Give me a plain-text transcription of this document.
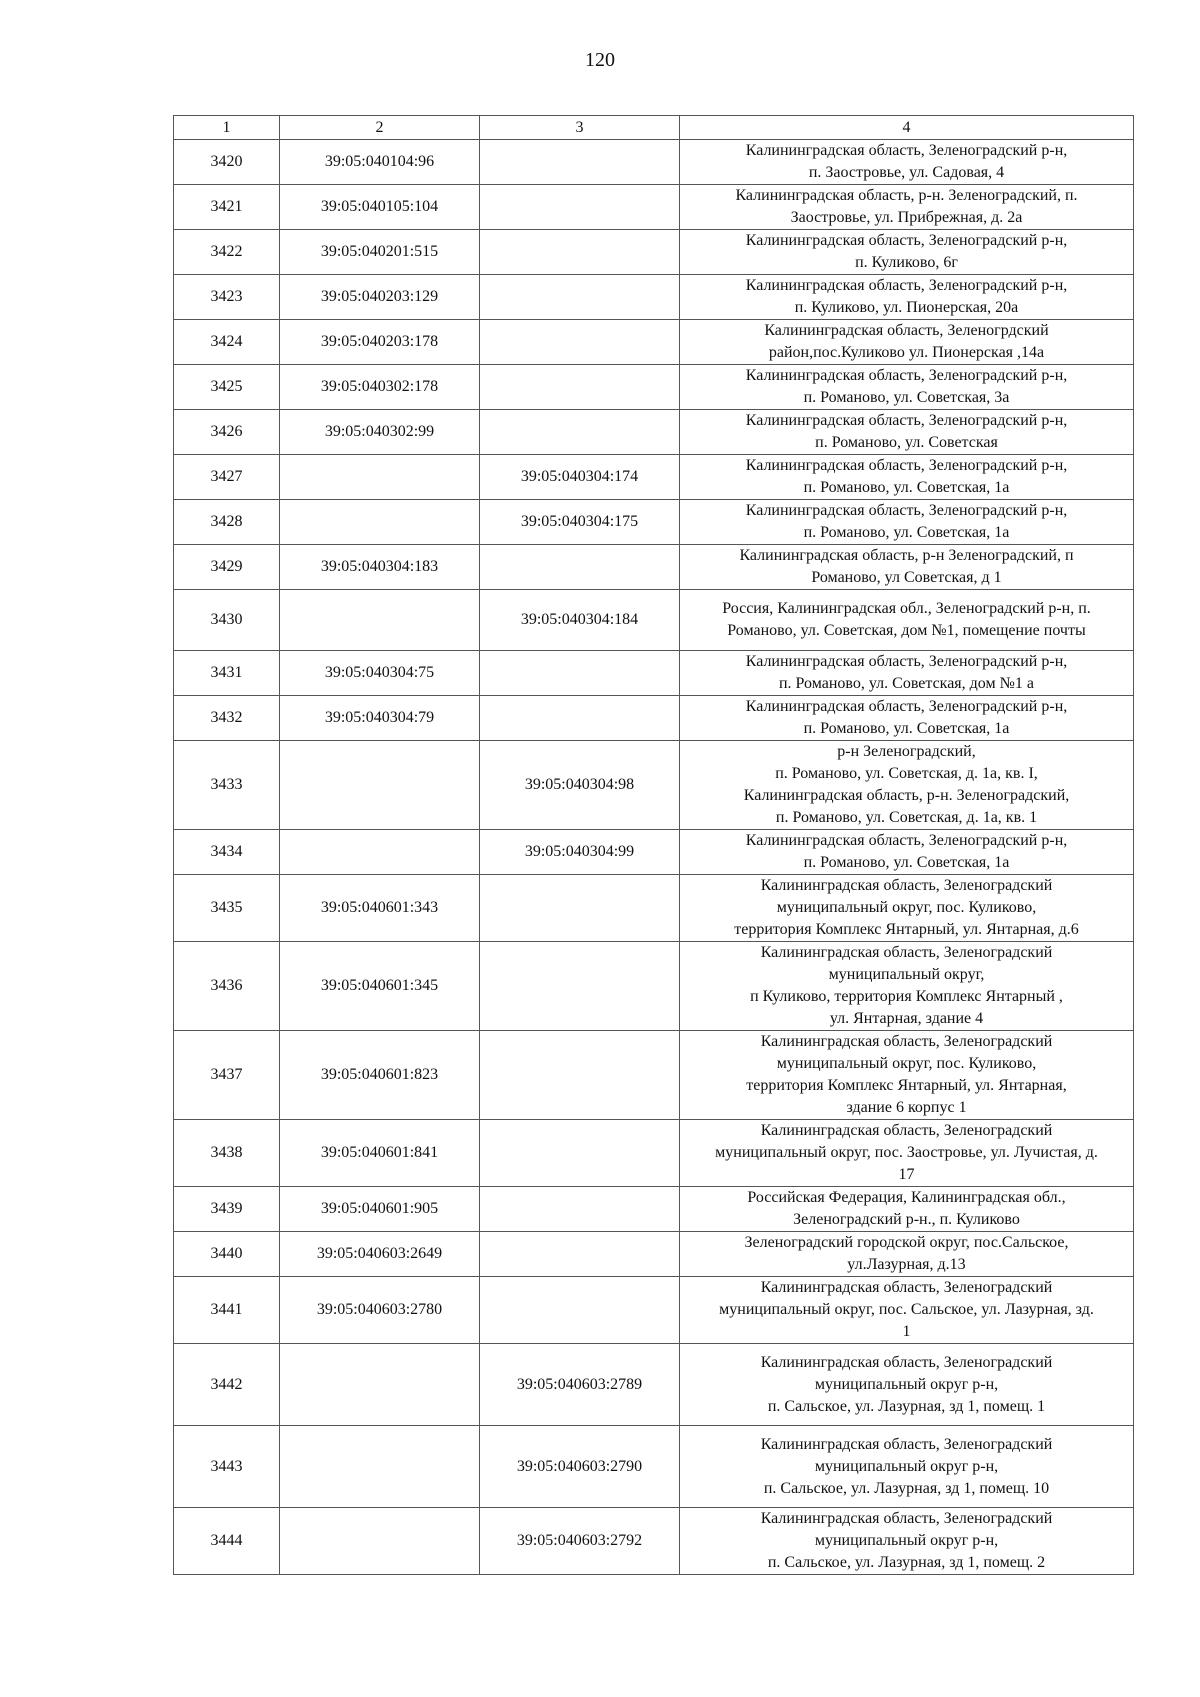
120
1	2	3	4
3420	39:05:040104:96		Калининградская область, Зеленоградский р-н,
п. Заостровье, ул. Садовая, 4
3421	39:05:040105:104		Калининградская область, р-н. Зеленоградский, п.
Заостровье, ул. Прибрежная, д. 2а
3422	39:05:040201:515		Калининградская область, Зеленоградский р-н,
п. Куликово, 6г
3423	39:05:040203:129		Калининградская область, Зеленоградский р-н,
п. Куликово, ул. Пионерская, 20а
3424	39:05:040203:178		Калининградская область, Зеленогрдский
район,пос.Куликово ул. Пионерская ,14а
3425	39:05:040302:178		Калининградская область, Зеленоградский р-н,
п. Романово, ул. Советская, 3а
3426	39:05:040302:99		Калининградская область, Зеленоградский р-н,
п. Романово, ул. Советская
3427		39:05:040304:174	Калининградская область, Зеленоградский р-н,
п. Романово, ул. Советская, 1а
3428		39:05:040304:175	Калининградская область, Зеленоградский р-н,
п. Романово, ул. Советская, 1а
3429	39:05:040304:183		Калининградская область, р-н Зеленоградский, п
Романово, ул Советская, д 1
3430		39:05:040304:184	Россия, Калининградская обл., Зеленоградский р-н, п.
Романово, ул. Советская, дом №1, помещение почты
3431	39:05:040304:75		Калининградская область, Зеленоградский р-н,
п. Романово, ул. Советская, дом №1 а
3432	39:05:040304:79		Калининградская область, Зеленоградский р-н,
п. Романово, ул. Советская, 1а
3433		39:05:040304:98	р-н Зеленоградский,
п. Романово, ул. Советская, д. 1а, кв. I,
Калининградская область, р-н. Зеленоградский,
п. Романово, ул. Советская, д. 1а, кв. 1
3434		39:05:040304:99	Калининградская область, Зеленоградский р-н,
п. Романово, ул. Советская, 1а
3435	39:05:040601:343		Калининградская область, Зеленоградский
муниципальный округ, пос. Куликово,
территория Комплекс Янтарный, ул. Янтарная, д.6
3436	39:05:040601:345		Калининградская область, Зеленоградский
муниципальный округ,
п Куликово, территория Комплекс Янтарный ,
ул. Янтарная, здание 4
3437	39:05:040601:823		Калининградская область, Зеленоградский
муниципальный округ, пос. Куликово,
территория Комплекс Янтарный, ул. Янтарная,
здание 6 корпус 1
3438	39:05:040601:841		Калининградская область, Зеленоградский
муниципальный округ, пос. Заостровье, ул. Лучистая, д.
17
3439	39:05:040601:905		Российская Федерация, Калининградская обл.,
Зеленоградский р-н., п. Куликово
3440	39:05:040603:2649		Зеленоградский городской округ, пос.Сальское,
ул.Лазурная, д.13
3441	39:05:040603:2780		Калининградская область, Зеленоградский
муниципальный округ, пос. Сальское, ул. Лазурная, зд.
1
3442		39:05:040603:2789	Калининградская область, Зеленоградский
муниципальный округ р-н,
п. Сальское, ул. Лазурная, зд 1, помещ. 1
3443		39:05:040603:2790	Калининградская область, Зеленоградский
муниципальный округ р-н,
п. Сальское, ул. Лазурная, зд 1, помещ. 10
3444		39:05:040603:2792	Калининградская область, Зеленоградский
муниципальный округ р-н,
п. Сальское, ул. Лазурная, зд 1, помещ. 2
